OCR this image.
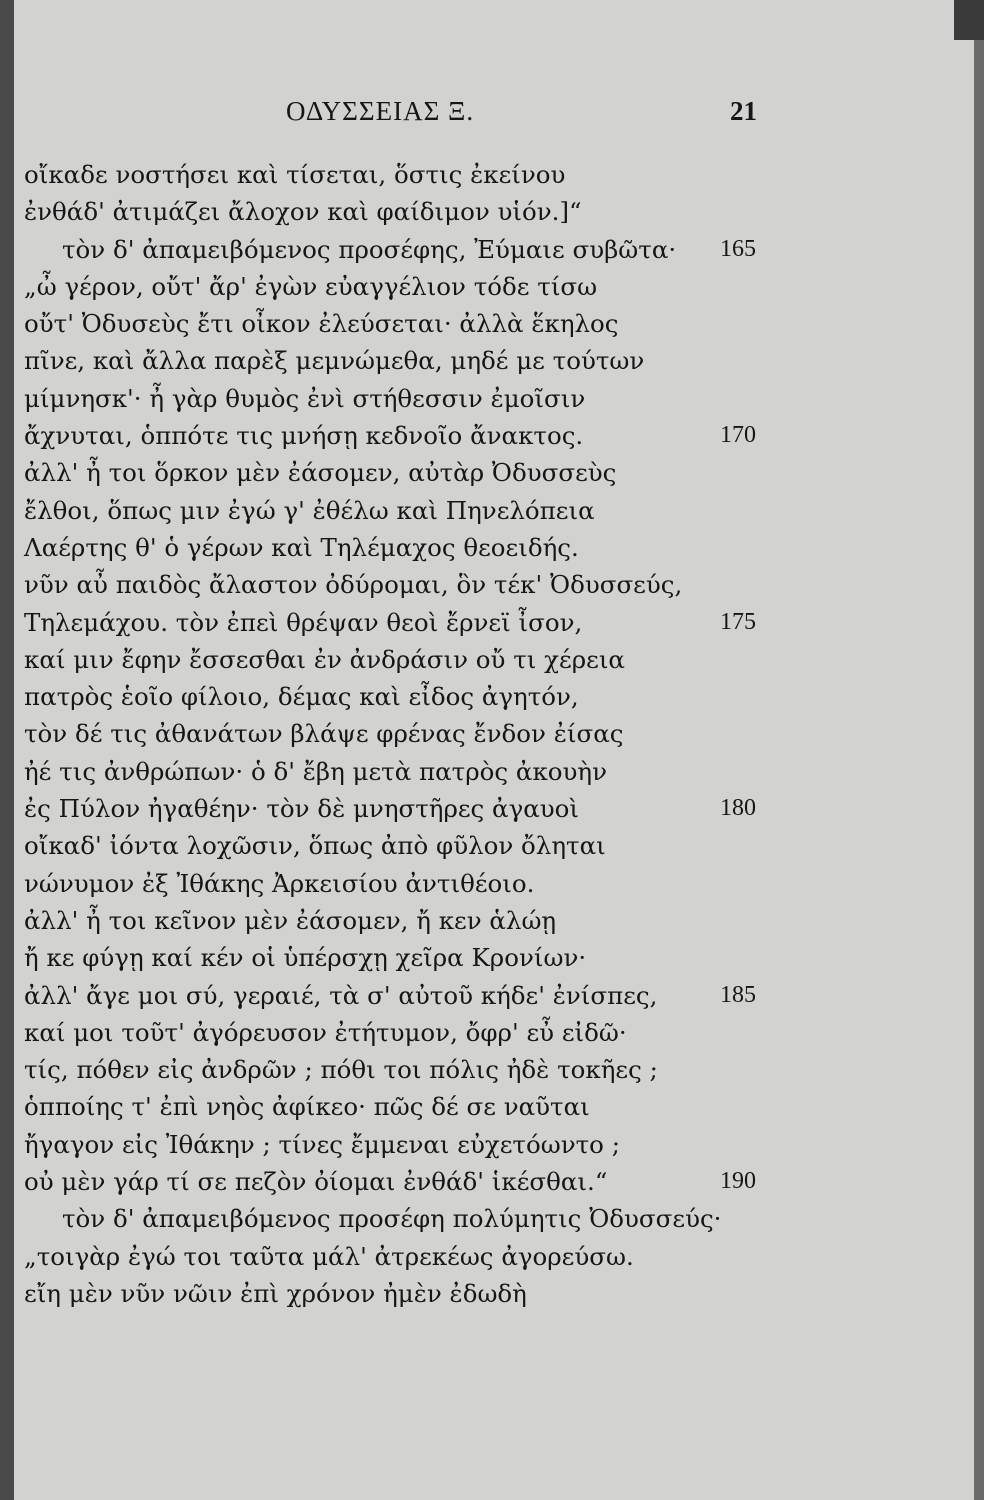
ΟΔΥΣΣΕΙΑΣ Ξ.	21
οἴκαδε νοστήσει καὶ τίσεται, ὅστις ἐκείνου
ἐνθάδ' ἀτιμάζει ἄλοχον καὶ φαίδιμον υἱόν.]“
τὸν δ' ἀπαμειβόμενος προσέφης, Ἐύμαιε συβῶτα· 165
„ὦ γέρον, οὔτ' ἄρ' ἐγὼν εὐαγγέλιον τόδε τίσω
οὔτ' Ὀδυσεὺς ἔτι οἶκον ἐλεύσεται· ἀλλὰ ἕκηλος
πῖνε, καὶ ἄλλα παρὲξ μεμνώμεθα, μηδέ με τούτων
μίμνησκ'· ἦ γὰρ θυμὸς ἐνὶ στήθεσσιν ἐμοῖσιν
ἄχνυται, ὁππότε τις μνήσῃ κεδνοῖο ἄνακτος.	170
ἀλλ' ἦ τοι ὅρκον μὲν ἐάσομεν, αὐτὰρ Ὀδυσσεὺς
ἔλθοι, ὅπως μιν ἐγώ γ' ἐθέλω καὶ Πηνελόπεια
Λαέρτης θ' ὁ γέρων καὶ Τηλέμαχος θεοειδής.
νῦν αὖ παιδὸς ἄλαστον ὀδύρομαι, ὃν τέκ' Ὀδυσσεύς,
Τηλεμάχου. τὸν ἐπεὶ θρέψαν θεοὶ ἔρνεϊ ἶσον,	175
καί μιν ἔφην ἔσσεσθαι ἐν ἀνδράσιν οὔ τι χέρεια
πατρὸς ἑοῖο φίλοιο, δέμας καὶ εἶδος ἀγητόν,
τὸν δέ τις ἀθανάτων βλάψε φρένας ἔνδον ἐίσας
ἠέ τις ἀνθρώπων· ὁ δ' ἔβη μετὰ πατρὸς ἀκουὴν
ἐς Πύλον ἠγαθέην· τὸν δὲ μνηστῆρες ἀγαυοὶ	180
οἴκαδ' ἰόντα λοχῶσιν, ὅπως ἀπὸ φῦλον ὄληται
νώνυμον ἐξ Ἰθάκης Ἀρκεισίου ἀντιθέοιο.
ἀλλ' ἦ τοι κεῖνον μὲν ἐάσομεν, ἤ κεν ἁλώῃ
ἤ κε φύγῃ καί κέν οἱ ὑπέρσχῃ χεῖρα Κρονίων·
ἀλλ' ἄγε μοι σύ, γεραιέ, τὰ σ' αὐτοῦ κήδε' ἐνίσπες,	185
καί μοι τοῦτ' ἀγόρευσον ἐτήτυμον, ὄφρ' εὖ εἰδῶ·
τίς, πόθεν εἰς ἀνδρῶν ; πόθι τοι πόλις ἠδὲ τοκῆες ;
ὁπποίης τ' ἐπὶ νηὸς ἀφίκεο· πῶς δέ σε ναῦται
ἤγαγον εἰς Ἰθάκην ; τίνες ἔμμεναι εὐχετόωντο ;
οὐ μὲν γάρ τί σε πεζὸν ὀίομαι ἐνθάδ' ἱκέσθαι.“	190
τὸν δ' ἀπαμειβόμενος προσέφη πολύμητις Ὀδυσσεύς·
„τοιγὰρ ἐγώ τοι ταῦτα μάλ' ἀτρεκέως ἀγορεύσω.
εἴη μὲν νῦν νῶιν ἐπὶ χρόνον ἠμὲν ἐδωδὴ
